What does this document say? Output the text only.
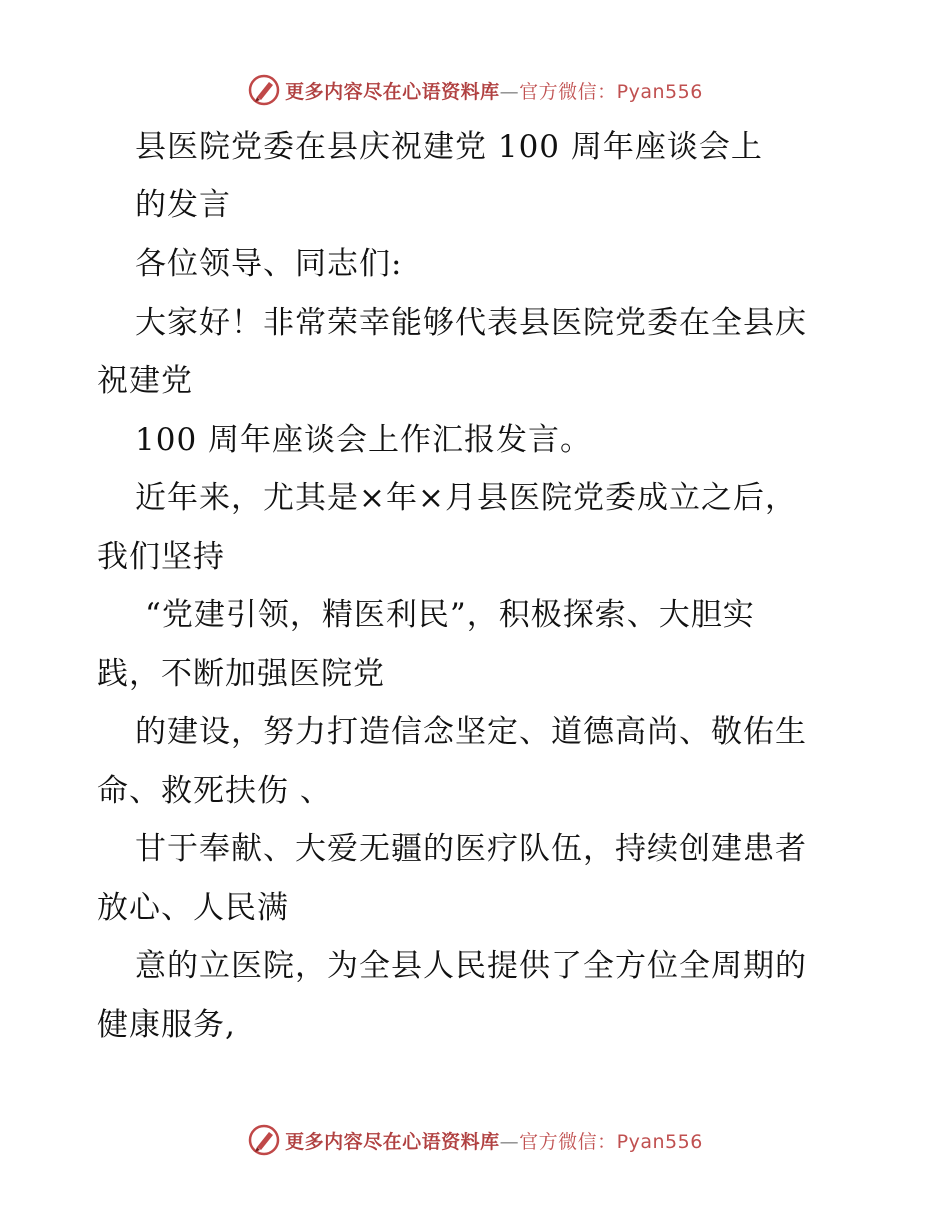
更多内容尽在心语资料库—官方微信：Pyan556
县医院党委在县庆祝建党 100 周年座谈会上
的发言
各位领导、同志们:
大家好！非常荣幸能够代表县医院党委在全县庆
祝建党
100 周年座谈会上作汇报发言。
近年来，尤其是×年×月县医院党委成立之后，
我们坚持
“党建引领，精医利民”，积极探索、大胆实
践，不断加强医院党
的建设，努力打造信念坚定、道德高尚、敬佑生
命、救死扶伤 、
甘于奉献、大爱无疆的医疗队伍，持续创建患者
放心、人民满
意的立医院，为全县人民提供了全方位全周期的
健康服务,
更多内容尽在心语资料库—官方微信：Pyan556
